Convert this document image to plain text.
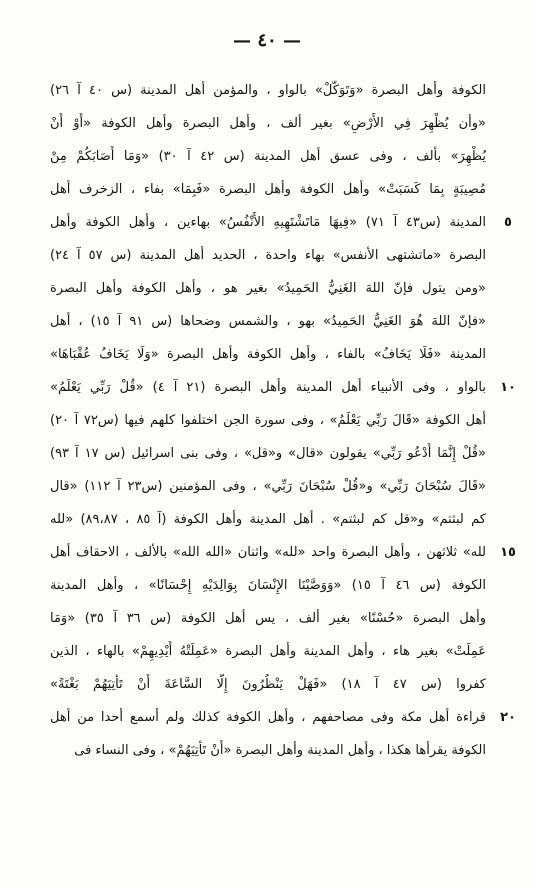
— ٤٠ —
الكوفة وأهل البصرة «وَتَوَكَّلْ» بالواو ، والمؤمن أهل المدينة (س ٤٠ آ ٢٦)
«وأن يُظْهِرَ فِي الأَرْضِ» بغير ألف ، وأهل البصرة وأهل الكوفة «أَوْ أَنْ
يُظْهِرَ» بألف ، وفى عسق أهل المدينة (س ٤٢ آ ٣٠) «وَمَا أَصَابَكُمْ مِنْ
مُصِيبَةٍ بِمَا كَسَبَتْ» وأهل الكوفة وأهل البصرة «فَبِمَا» بفاء ، الزخرف أهل
المدينة (س٤٣ آ ٧١) «فِيهَا مَاتَشْتَهِيهِ الأَنْفُسُ» بهاءين ، وأهل الكوفة وأهل	٥
البصرة «ماتشتهى الأنفس» بهاء واحدة ، الحديد أهل المدينة (س ٥٧ آ ٢٤)
«ومن يتول فإنّ اللهَ الغَنِيُّ الحَمِيدُ» بغير هو ، وأهل الكوفة وأهل البصرة
«فإنّ اللهَ هُوَ الغَنِيُّ الحَمِيدُ» بهو ، والشمس وضحاها (س ٩١ آ ١٥) ، أهل
المدينة «فَلَا يَخَافُ» بالفاء ، وأهل الكوفة وأهل البصرة «وَلَا يَخَافُ عُقْبَاهَا»
بالواو ، وفى الأنبياء أهل المدينة وأهل البصرة (٢١ آ ٤) «قُلْ رَبِّي يَعْلَمُ»	١٠
أهل الكوفة «قَالَ رَبِّي يَعْلَمُ» ، وفى سورة الجن اختلفوا كلهم فيها (س٧٢ آ ٢٠)
«قُلْ إِنَّمَا أَدْعُو رَبِّي» يقولون «قال» و«قل» ، وفى بنى اسرائيل (س ١٧ آ ٩٣)
«قَالَ سُبْحَانَ رَبِّي» و«قُلْ سُبْحَانَ رَبِّي» ، وفى المؤمنين (س٢٣ آ ١١٢) «قال
كم لبثتم» و«قل كم لبثتم» . أهل المدينة وأهل الكوفة (آ ٨٥ ، ٨٩،٨٧) «لله
لله» ثلاثهن ، وأهل البصرة واحد «لله» واثنان «الله الله» بالألف ، الاحقاف أهل	١٥
الكوفة (س ٤٦ آ ١٥) «وَوَصَّيْنَا الإِنْسَانَ بِوَالِدَيْهِ إِحْسَانًا» ، وأهل المدينة
وأهل البصرة «حُسْنًا» بغير ألف ، يس أهل الكوفة (س ٣٦ آ ٣٥) «وَمَا
عَمِلَتْ» بغير هاء ، وأهل المدينة وأهل البصرة «عَمِلَتْهُ أَيْدِيهِمْ» بالهاء ، الذين
كفروا (س ٤٧ آ ١٨) «فَهَلْ يَنْظُرُونَ إِلَّا السَّاعَةَ أَنْ تَأْتِيَهُمْ بَغْتَةً»
قراءة أهل مكة وفى مصاحفهم ، وأهل الكوفة كذلك ولم أسمع أحدا من أهل	٢٠
الكوفة يقرأها هكذا ، وأهل المدينة وأهل البصرة «أَنْ تَأْتِيَهُمْ» ، وفى النساء فى
